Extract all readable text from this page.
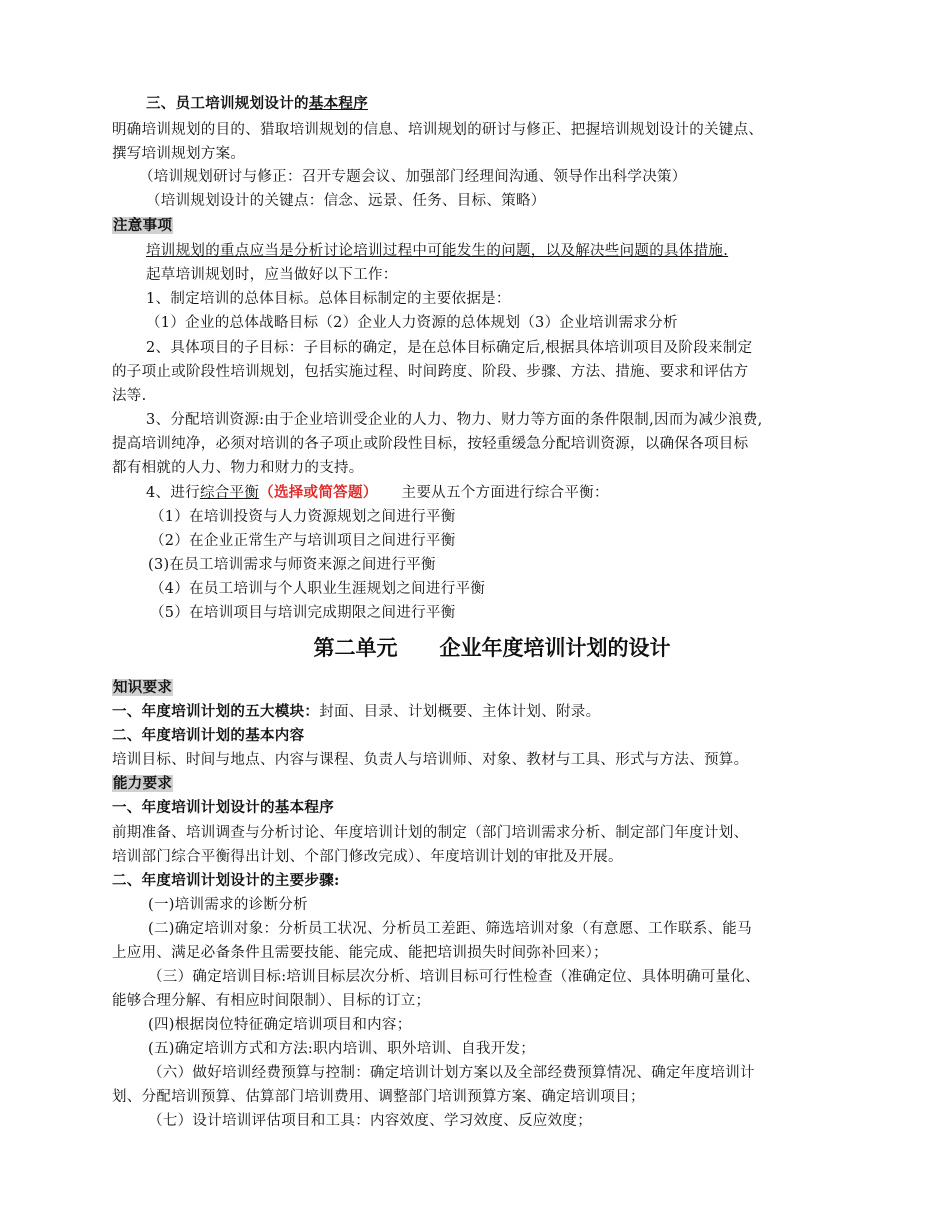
三、员工培训规划设计的基本程序
明确培训规划的目的、猎取培训规划的信息、培训规划的研讨与修正、把握培训规划设计的关键点、
撰写培训规划方案。
（培训规划研讨与修正：召开专题会议、加强部门经理间沟通、领导作出科学决策）
（培训规划设计的关键点：信念、远景、任务、目标、策略）
注意事项
培训规划的重点应当是分析讨论培训过程中可能发生的问题，以及解决些问题的具体措施.
起草培训规划时，应当做好以下工作：
1、制定培训的总体目标。总体目标制定的主要依据是：
（1）企业的总体战略目标（2）企业人力资源的总体规划（3）企业培训需求分析
2、具体项目的子目标：子目标的确定，是在总体目标确定后,根据具体培训项目及阶段来制定
的子项止或阶段性培训规划，包括实施过程、时间跨度、阶段、步骤、方法、措施、要求和评估方
法等.
3、分配培训资源:由于企业培训受企业的人力、物力、财力等方面的条件限制,因而为减少浪费,
提高培训纯净，必须对培训的各子项止或阶段性目标，按轻重缓急分配培训资源，以确保各项目标
都有相就的人力、物力和财力的支持。
4、进行综合平衡（选择或简答题） 主要从五个方面进行综合平衡：
（1）在培训投资与人力资源规划之间进行平衡
（2）在企业正常生产与培训项目之间进行平衡
(3)在员工培训需求与师资来源之间进行平衡
（4）在员工培训与个人职业生涯规划之间进行平衡
（5）在培训项目与培训完成期限之间进行平衡
第二单元　　企业年度培训计划的设计
知识要求
一、年度培训计划的五大模块：封面、目录、计划概要、主体计划、附录。
二、年度培训计划的基本内容
培训目标、时间与地点、内容与课程、负责人与培训师、对象、教材与工具、形式与方法、预算。
能力要求
一、年度培训计划设计的基本程序
前期准备、培训调查与分析讨论、年度培训计划的制定（部门培训需求分析、制定部门年度计划、
培训部门综合平衡得出计划、个部门修改完成）、年度培训计划的审批及开展。
二、年度培训计划设计的主要步骤:
(一)培训需求的诊断分析
(二)确定培训对象：分析员工状况、分析员工差距、筛选培训对象（有意愿、工作联系、能马
上应用、满足必备条件且需要技能、能完成、能把培训损失时间弥补回来）；
（三）确定培训目标:培训目标层次分析、培训目标可行性检查（准确定位、具体明确可量化、
能够合理分解、有相应时间限制）、目标的订立；
(四)根据岗位特征确定培训项目和内容；
(五)确定培训方式和方法:职内培训、职外培训、自我开发；
（六）做好培训经费预算与控制：确定培训计划方案以及全部经费预算情况、确定年度培训计
划、分配培训预算、估算部门培训费用、调整部门培训预算方案、确定培训项目；
（七）设计培训评估项目和工具：内容效度、学习效度、反应效度；
